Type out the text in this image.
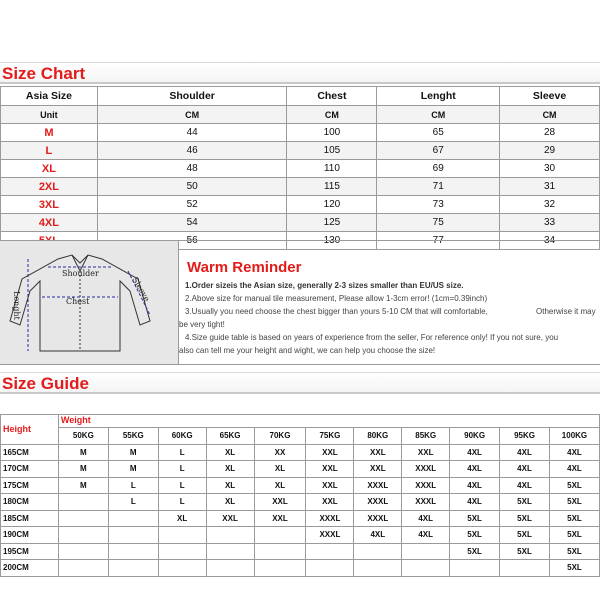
Size Chart
Asia Size	Shoulder	Chest	Lenght	Sleeve
Unit	CM	CM	CM	CM
M	44	100	65	28
L	46	105	67	29
XL	48	110	69	30
2XL	50	115	71	31
3XL	52	120	73	32
4XL	54	125	75	33
	56	130	77	34
Shoulder
Chest	Sleeve
Lenght
Warm Reminder
1.Order sizeis the Asian size, generally 2-3 sizes smaller than EU/US size.
2.Above size for manual tile measurement, Please allow 1-3cm error! (1cm=0.39inch)
3.Usually you need choose the chest bigger than yours 5-10 CM that will comfortable,	Otherwise it may
be very tight!
4.Size guide table is based on years of experience from the seller, For reference only! If you not sure, you
also can tell me your height and wight, we can help you choose the size!
Size Guide
Height	Weight										
	50KG	55KG	60KG	65KG	70KG	75KG	80KG	85KG	90KG	95KG	100KG
165CM	M	M	L	XL	XX	XXL	XXL	XXL	4XL	4XL	4XL
170CM	M	M	L	XL	XL	XXL	XXL	XXXL	4XL	4XL	4XL
175CM	M	L	L	XL	XL	XXL	XXXL	XXXL	4XL	4XL	5XL
180CM		L	L	XL	XXL	XXL	XXXL	XXXL	4XL	5XL	5XL
185CM			XL	XXL	XXL	XXXL	XXXL	4XL	5XL	5XL	5XL
190CM						XXXL	4XL	4XL	5XL	5XL	5XL
195CM									5XL	5XL	5XL
200CM											5XL
